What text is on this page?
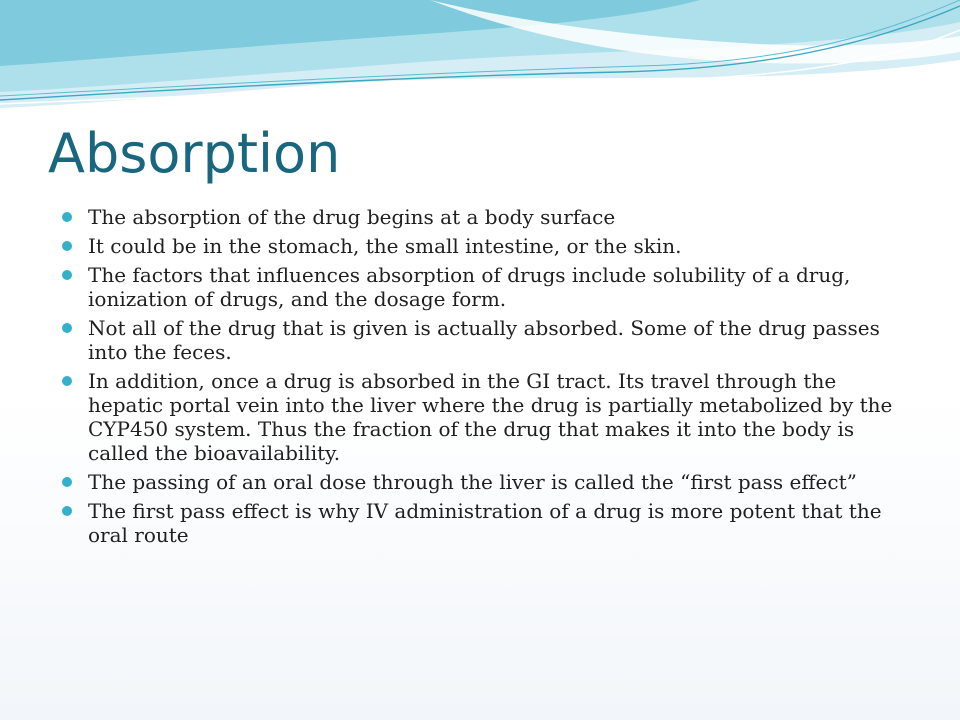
Absorption
The absorption of the drug begins at a body surface
It could be in the stomach, the small intestine, or the skin.
The factors that influences absorption of drugs include solubility of a drug, ionization of drugs, and the dosage form.
Not all of the drug that is given is actually absorbed. Some of the drug passes into the feces.
In addition, once a drug is absorbed in the GI tract. Its travel through the hepatic portal vein into the liver where the drug is partially metabolized by the CYP450 system. Thus the fraction of the drug that makes it into the body is called the bioavailability.
The passing of an oral dose through the liver is called the “first pass effect”
The first pass effect is why IV administration of a drug is more potent that the oral route
